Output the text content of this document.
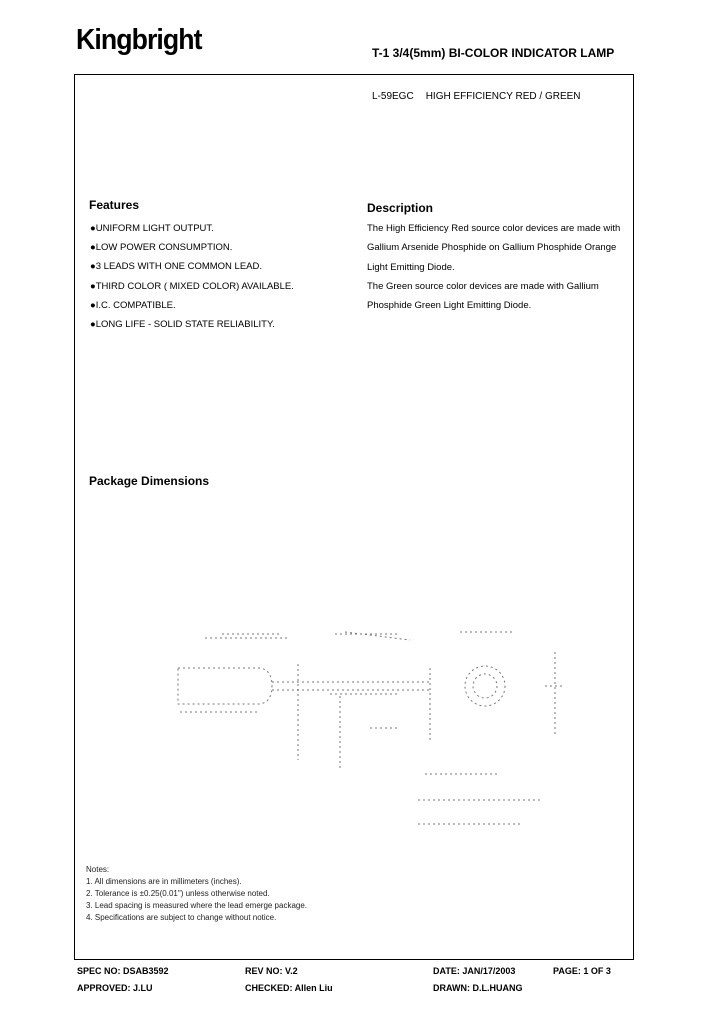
Kingbright	T-1 3/4(5mm) BI-COLOR INDICATOR LAMP
L-59EGC HIGH EFFICIENCY RED / GREEN
Features
●UNIFORM LIGHT OUTPUT.
●LOW POWER CONSUMPTION.
●3 LEADS WITH ONE COMMON LEAD.
●THIRD COLOR ( MIXED COLOR) AVAILABLE.
●I.C. COMPATIBLE.
●LONG LIFE - SOLID STATE RELIABILITY.
Description
The High Efficiency Red source color devices are made with
Gallium Arsenide Phosphide on Gallium Phosphide Orange
Light Emitting Diode.
The Green source color devices are made with Gallium
Phosphide Green Light Emitting Diode.
Package Dimensions
Notes:
1. All dimensions are in millimeters (inches).
2. Tolerance is ±0.25(0.01") unless otherwise noted.
3. Lead spacing is measured where the lead emerge package.
4. Specifications are subject to change without notice.
SPEC NO: DSAB3592	REV NO: V.2	DATE: JAN/17/2003	PAGE: 1 OF 3
APPROVED: J.LU	CHECKED: Allen Liu	DRAWN: D.L.HUANG
